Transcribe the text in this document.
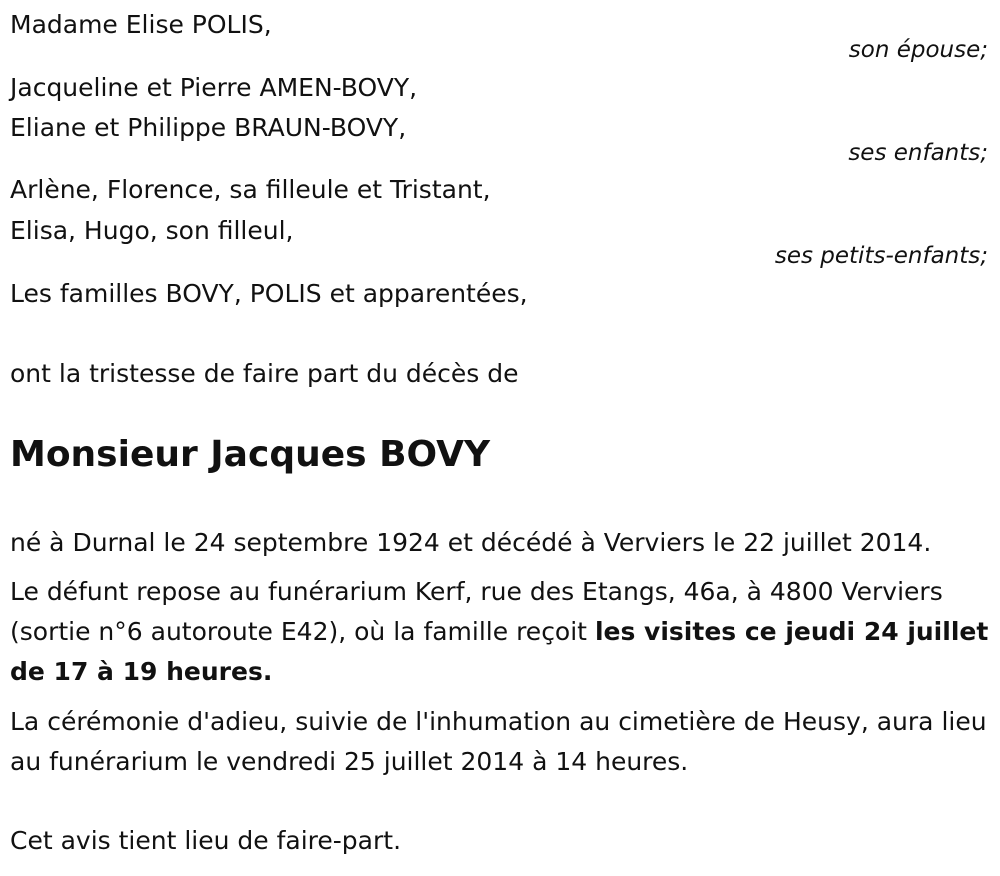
Madame Elise POLIS,
son épouse;
Jacqueline et Pierre AMEN-BOVY,
Eliane et Philippe BRAUN-BOVY,
ses enfants;
Arlène, Florence, sa filleule et Tristant,
Elisa, Hugo, son filleul,
ses petits-enfants;
Les familles BOVY, POLIS et apparentées,
ont la tristesse de faire part du décès de
Monsieur Jacques BOVY
né à Durnal le 24 septembre 1924 et décédé à Verviers le 22 juillet 2014.
Le défunt repose au funérarium Kerf, rue des Etangs, 46a, à 4800 Verviers (sortie n°6 autoroute E42), où la famille reçoit les visites ce jeudi 24 juillet de 17 à 19 heures.
La cérémonie d'adieu, suivie de l'inhumation au cimetière de Heusy, aura lieu au funérarium le vendredi 25 juillet 2014 à 14 heures.
Cet avis tient lieu de faire-part.
